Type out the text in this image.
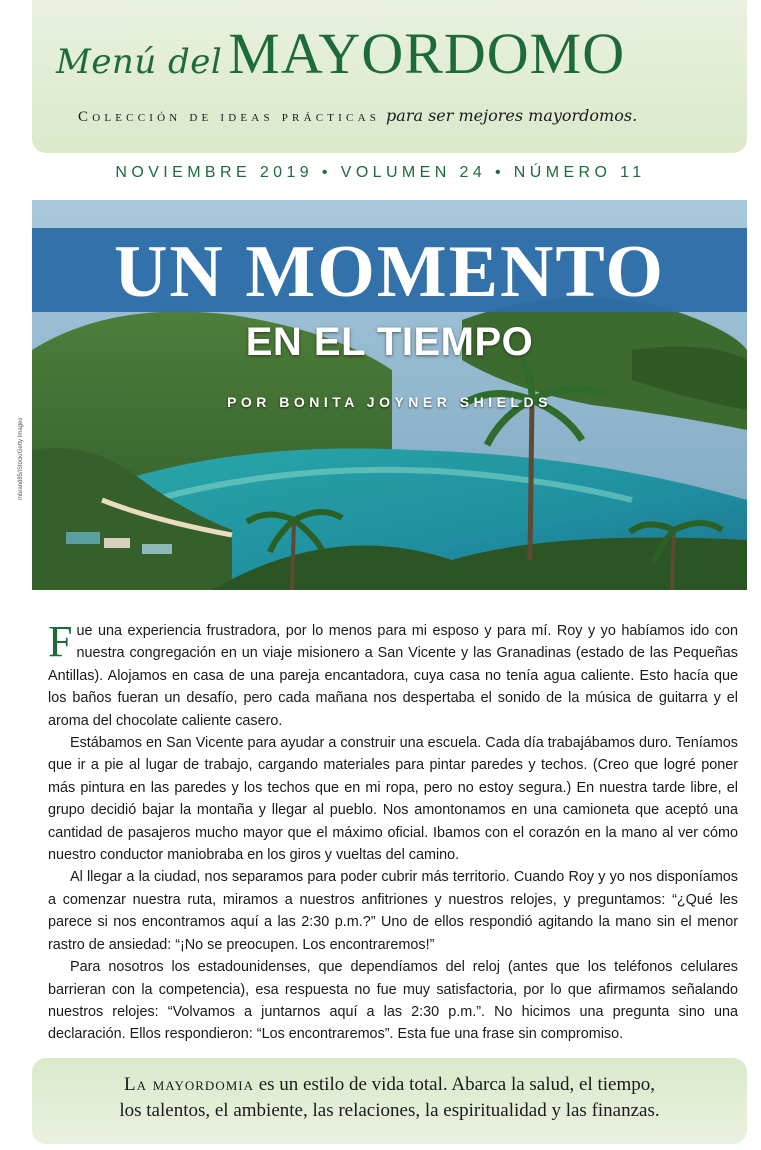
Menú del MAYORDOMO
Colección de ideas prácticas para ser mejores mayordomos.
NOVIEMBRE 2019 • VOLUMEN 24 • NÚMERO 11
UN MOMENTO
EN EL TIEMPO
POR BONITA JOYNER SHIELDS
mbrand85/iStock/Getty Images

Fue una experiencia frustradora, por lo menos para mi esposo y para mí. Roy y yo habíamos ido con nuestra congregación en un viaje misionero a San Vicente y las Granadinas (estado de las Pequeñas Antillas). Alojamos en casa de una pareja encantadora, cuya casa no tenía agua caliente. Esto hacía que los baños fueran un desafío, pero cada mañana nos despertaba el sonido de la música de guitarra y el aroma del chocolate caliente casero.

Estábamos en San Vicente para ayudar a construir una escuela. Cada día trabajábamos duro. Teníamos que ir a pie al lugar de trabajo, cargando materiales para pintar paredes y techos. (Creo que logré poner más pintura en las paredes y los techos que en mi ropa, pero no estoy segura.) En nuestra tarde libre, el grupo decidió bajar la montaña y llegar al pueblo. Nos amontonamos en una camioneta que aceptó una cantidad de pasajeros mucho mayor que el máximo oficial. Ibamos con el corazón en la mano al ver cómo nuestro conductor maniobraba en los giros y vueltas del camino.

Al llegar a la ciudad, nos separamos para poder cubrir más territorio. Cuando Roy y yo nos disponíamos a comenzar nuestra ruta, miramos a nuestros anfitriones y nuestros relojes, y preguntamos: “¿Qué les parece si nos encontramos aquí a las 2:30 p.m.?” Uno de ellos respondió agitando la mano sin el menor rastro de ansiedad: “¡No se preocupen. Los encontraremos!”

Para nosotros los estadounidenses, que dependíamos del reloj (antes que los teléfonos celulares barrieran con la competencia), esa respuesta no fue muy satisfactoria, por lo que afirmamos señalando nuestros relojes: “Volvamos a juntarnos aquí a las 2:30 p.m.”. No hicimos una pregunta sino una declaración. Ellos respondieron: “Los encontraremos”. Esta fue una frase sin compromiso.

La mayordomia es un estilo de vida total. Abarca la salud, el tiempo,
los talentos, el ambiente, las relaciones, la espiritualidad y las finanzas.
